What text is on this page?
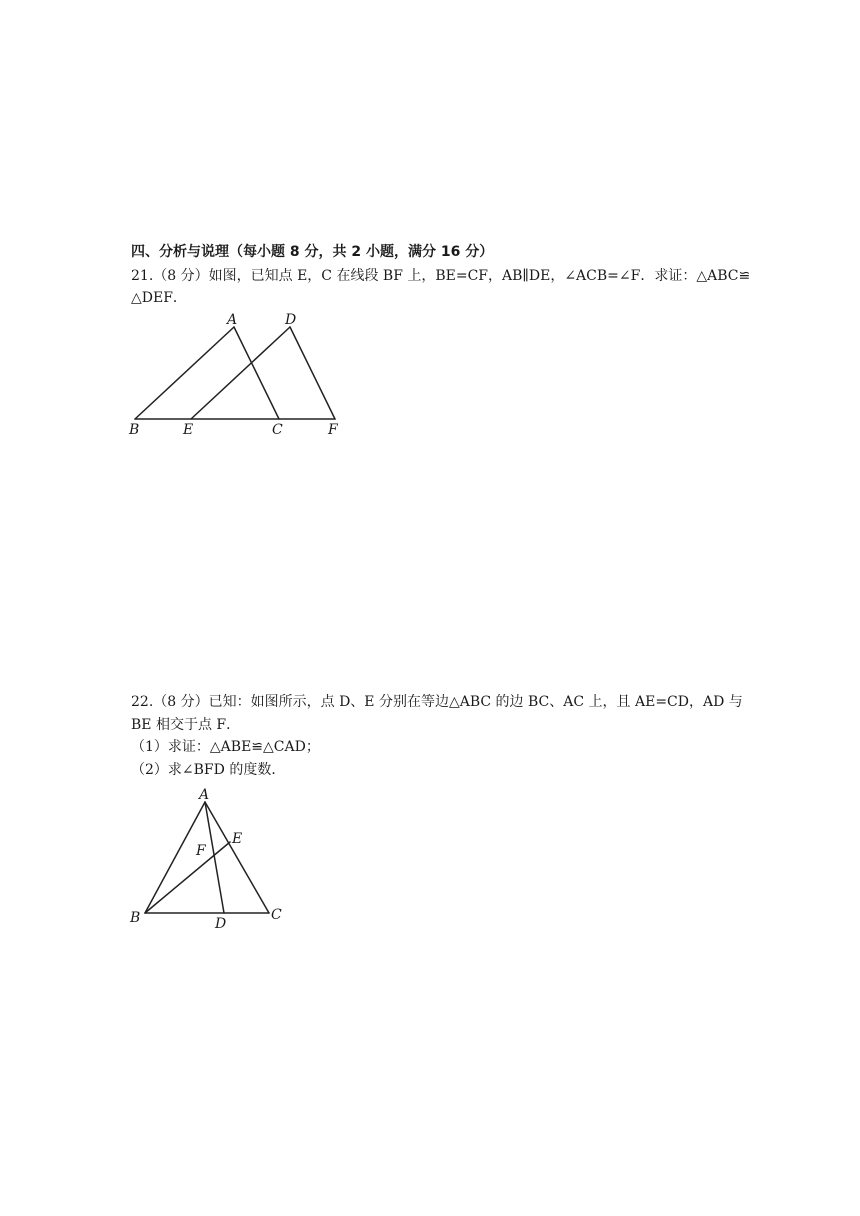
四、分析与说理（每小题 8 分，共 2 小题，满分 16 分）
21.（8 分）如图，已知点 E，C 在线段 BF 上，BE=CF，AB∥DE，∠ACB=∠F．求证：△ABC≌
△DEF．
A	D
B	E	C	F
A
F
E
B	D
C
22.（8 分）已知：如图所示，点 D、E 分别在等边△ABC 的边 BC、AC 上，且 AE=CD，AD 与
BE 相交于点 F．
（1）求证：△ABE≌△CAD；
（2）求∠BFD 的度数．
